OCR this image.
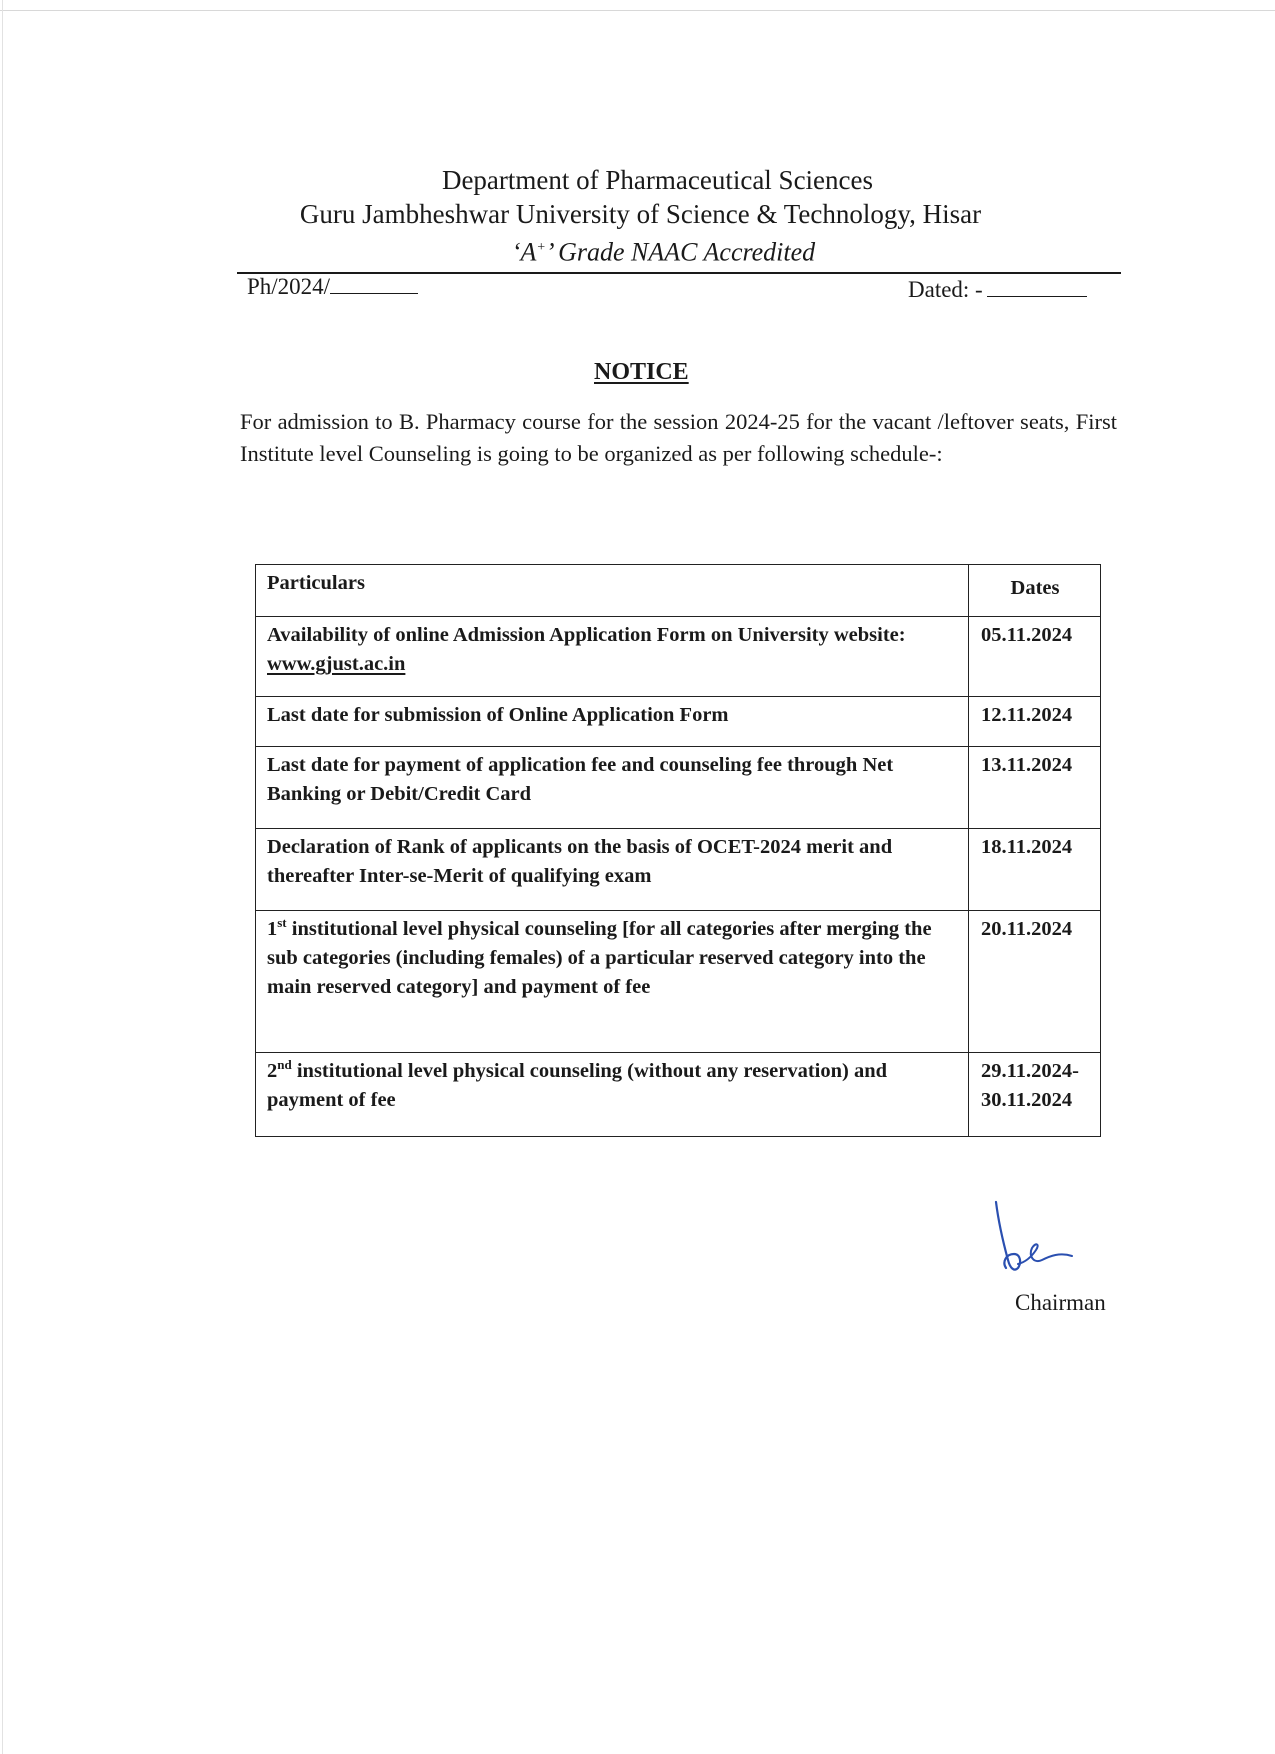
Department of Pharmaceutical Sciences
Guru Jambheshwar University of Science & Technology, Hisar
‘A+’ Grade NAAC Accredited
Ph/2024/	Dated: -
NOTICE
For admission to B. Pharmacy course for the session 2024-25 for the vacant /leftover seats, First Institute level Counseling is going to be organized as per following schedule-:
Particulars	Dates
Availability of online Admission Application Form on University website: www.gjust.ac.in	05.11.2024
Last date for submission of Online Application Form	12.11.2024
Last date for payment of application fee and counseling fee through Net Banking or Debit/Credit Card	13.11.2024
Declaration of Rank of applicants on the basis of OCET-2024 merit and thereafter Inter-se-Merit of qualifying exam	18.11.2024
1st institutional level physical counseling [for all categories after merging the sub categories (including females) of a particular reserved category into the main reserved category] and payment of fee	20.11.2024
2nd institutional level physical counseling (without any reservation) and payment of fee	29.11.2024-
30.11.2024
Chairman
